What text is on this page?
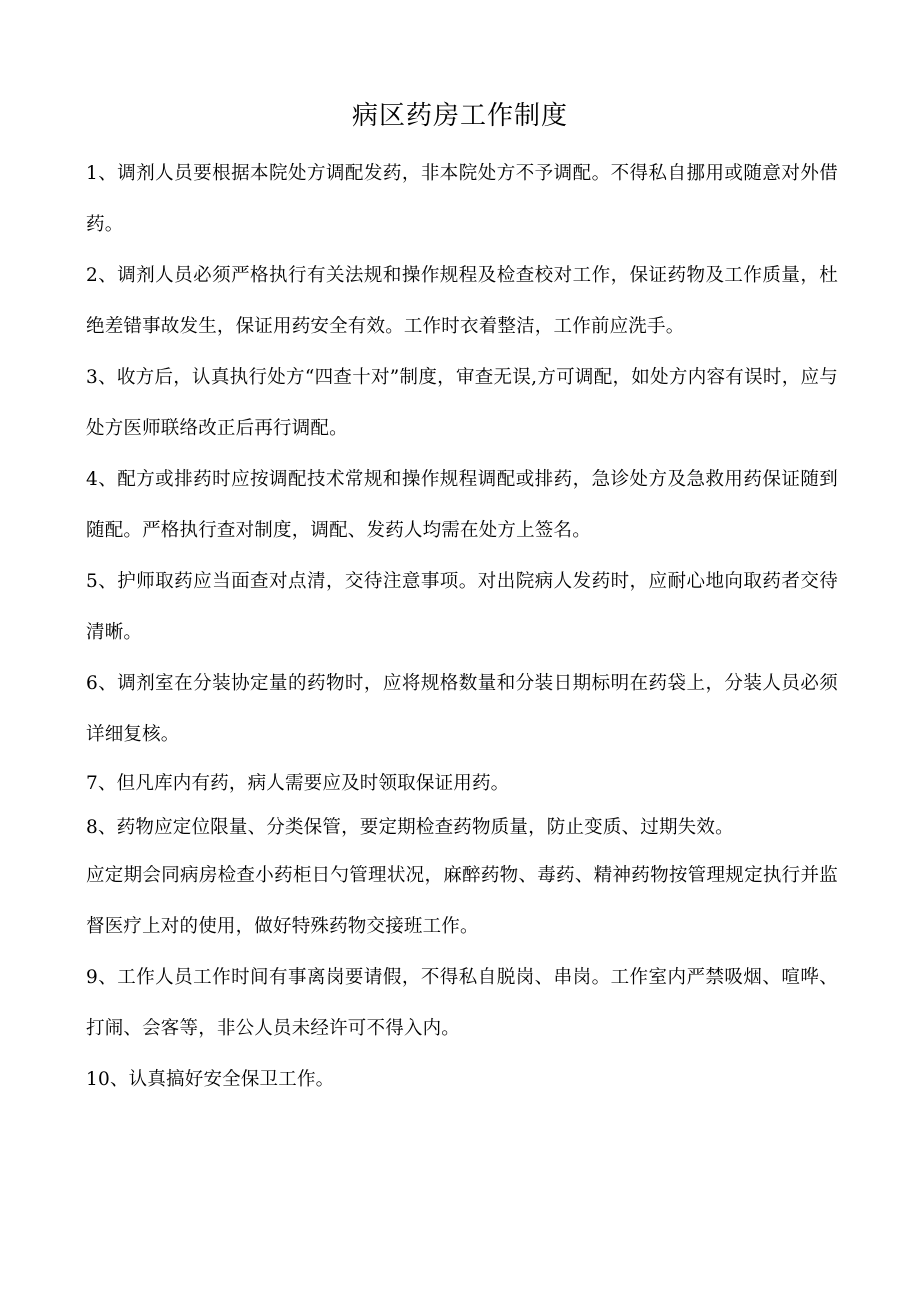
病区药房工作制度

1、调剂人员要根据本院处方调配发药，非本院处方不予调配。不得私自挪用或随意对外借药。

2、调剂人员必须严格执行有关法规和操作规程及检查校对工作，保证药物及工作质量，杜绝差错事故发生，保证用药安全有效。工作时衣着整洁，工作前应洗手。

3、收方后，认真执行处方“四查十对”制度，审查无误,方可调配，如处方内容有误时，应与处方医师联络改正后再行调配。

4、配方或排药时应按调配技术常规和操作规程调配或排药，急诊处方及急救用药保证随到随配。严格执行查对制度，调配、发药人均需在处方上签名。

5、护师取药应当面查对点清，交待注意事项。对出院病人发药时，应耐心地向取药者交待清晰。

6、调剂室在分装协定量的药物时，应将规格数量和分装日期标明在药袋上，分装人员必须详细复核。

7、但凡库内有药，病人需要应及时领取保证用药。

8、药物应定位限量、分类保管，要定期检查药物质量，防止变质、过期失效。

应定期会同病房检查小药柜日勺管理状况，麻醉药物、毒药、精神药物按管理规定执行并监督医疗上对的使用，做好特殊药物交接班工作。

9、工作人员工作时间有事离岗要请假，不得私自脱岗、串岗。工作室内严禁吸烟、喧哗、打闹、会客等，非公人员未经许可不得入内。

10、认真搞好安全保卫工作。
